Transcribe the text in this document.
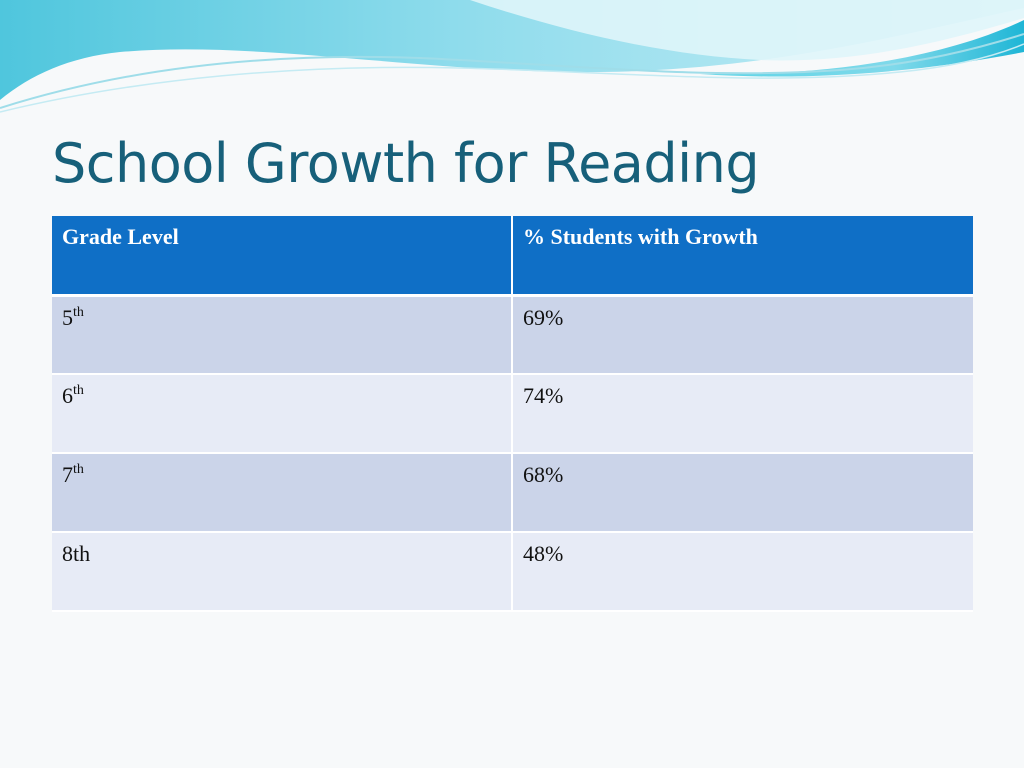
School Growth for Reading
Grade Level	% Students with Growth
5th	69%
6th	74%
7th	68%
8th	48%
